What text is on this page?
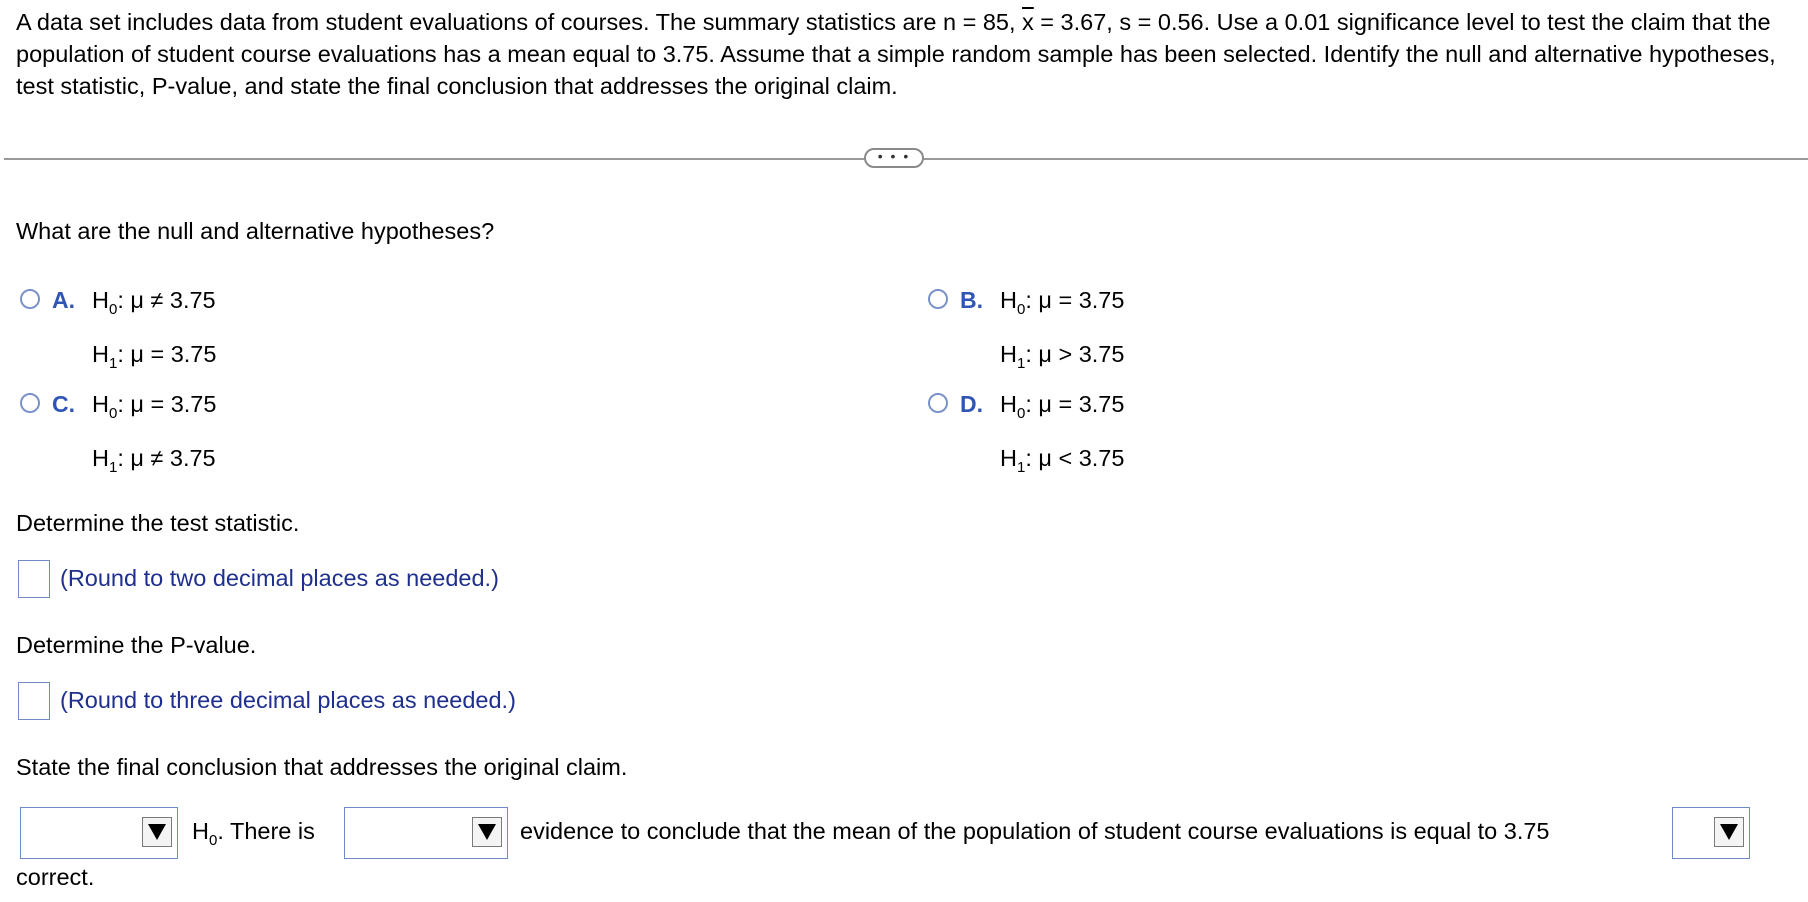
A data set includes data from student evaluations of courses. The summary statistics are n = 85, $\overline{x} = 3.67$, s = 0.56. Use a 0.01 significance level to test the claim that the population of student course evaluations has a mean equal to 3.75. Assume that a simple random sample has been selected. Identify the null and alternative hypotheses, test statistic, P-value, and state the final conclusion that addresses the original claim.
• • •
What are the null and alternative hypotheses?
A. $H_0$: μ ≠ 3.75
$H_1$: μ = 3.75
B. $H_0$: μ = 3.75
$H_1$: μ > 3.75
C. $H_0$: μ = 3.75
$H_1$: μ ≠ 3.75
D. $H_0$: μ = 3.75
$H_1$: μ < 3.75
Determine the test statistic.
(Round to two decimal places as needed.)
Determine the P-value.
(Round to three decimal places as needed.)
State the final conclusion that addresses the original claim.
$H_0$. There is	evidence to conclude that the mean of the population of student course evaluations is equal to 3.75
correct.
